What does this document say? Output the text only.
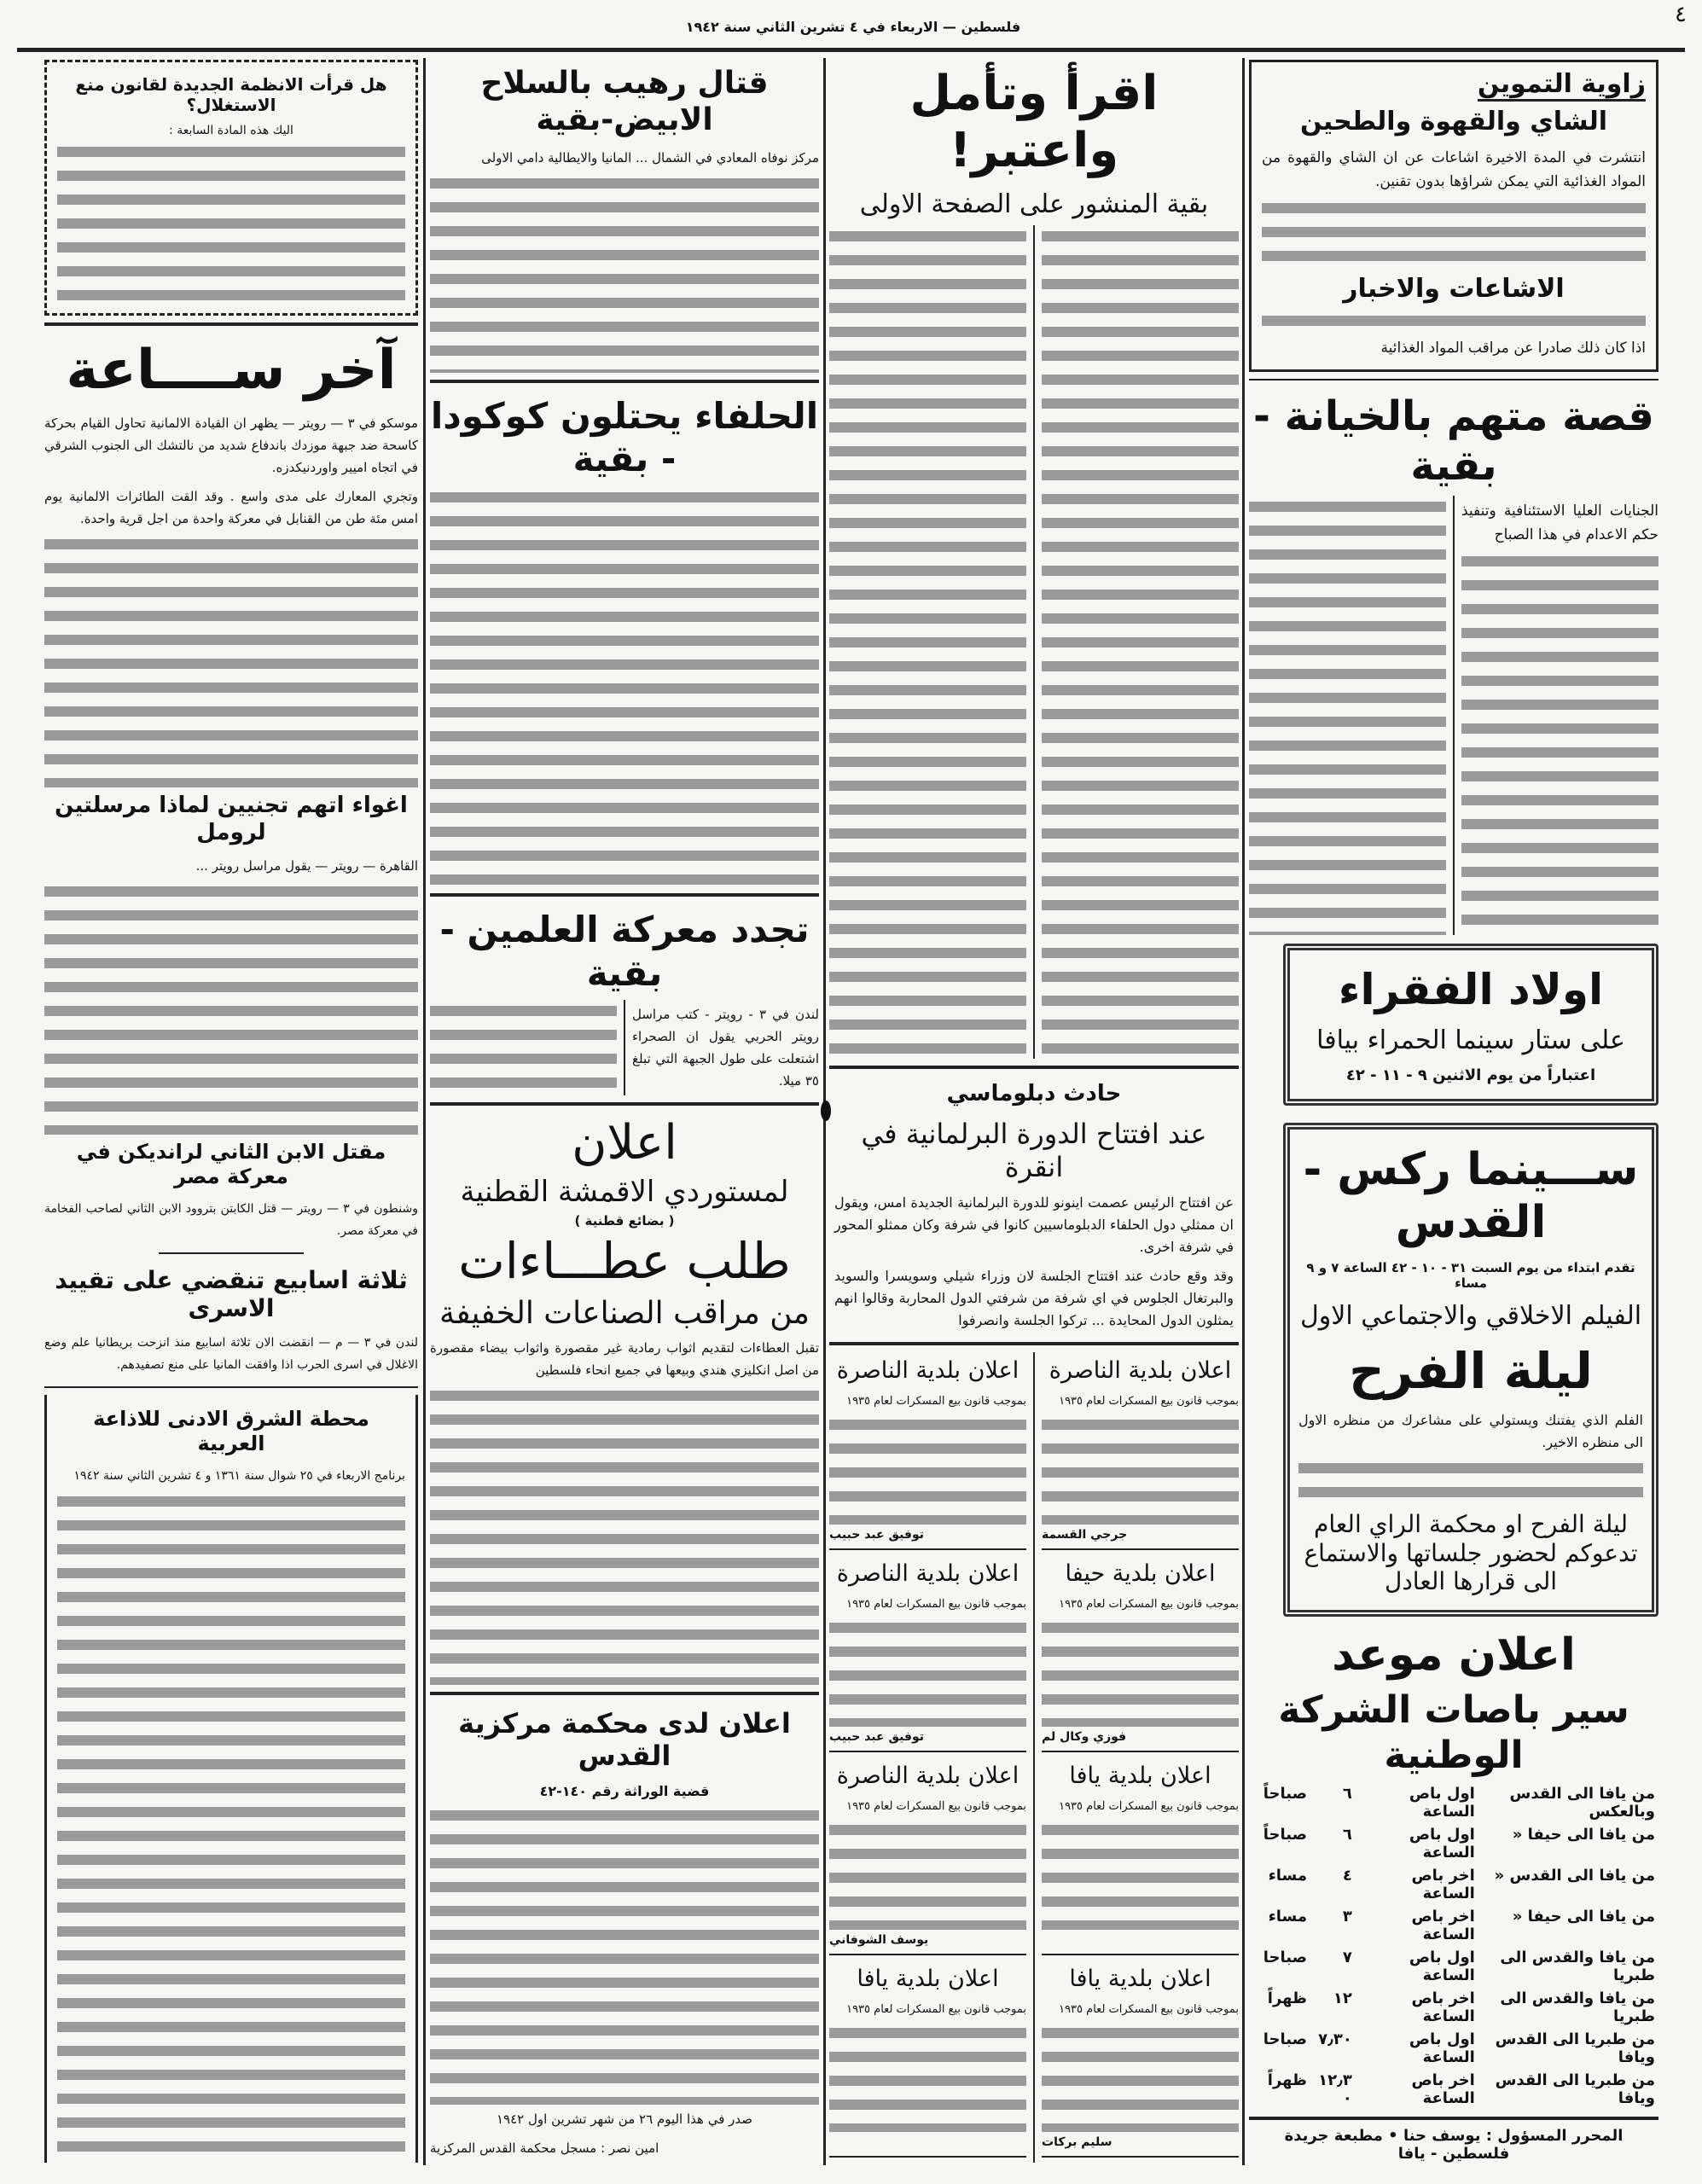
٤
فلسطين — الاربعاء في ٤ تشرين الثاني سنة ١٩٤٢
زاوية التموين
الشاي والقهوة والطحين
انتشرت في المدة الاخيرة اشاعات عن ان الشاي والقهوة من المواد الغذائية التي يمكن شراؤها بدون تقنين.
الاشاعات والاخبار
اذا كان ذلك صادرا عن مراقب المواد الغذائية
قصة متهم بالخيانة - بقية
الجنايات العليا الاستئنافية وتنفيذ حكم الاعدام في هذا الصباح
اولاد الفقراء
على ستار سينما الحمراء بيافا
اعتباراً من يوم الاثنين ٩ - ١١ - ٤٢
ســـينما ركس - القدس
تقدم ابتداء من يوم السبت ٣١ - ١٠ - ٤٢ الساعة ٧ و ٩ مساء
الفيلم الاخلاقي والاجتماعي الاول
ليلة الفرح
الفلم الذي يفتنك ويستولي على مشاعرك من منظره الاول الى منظره الاخير.
ليلة الفرح او محكمة الراي العام تدعوكم لحضور جلساتها والاستماع الى قرارها العادل
اعلان موعد
سير باصات الشركة الوطنية
من يافا الى القدس وبالعكس	اول باص الساعة	٦	صباحاً
من يافا الى حيفا «	اول باص الساعة	٦	صباحاً
من يافا الى القدس «	اخر باص الساعة	٤	مساء
من يافا الى حيفا «	اخر باص الساعة	٣	مساء
من يافا والقدس الى طبريا	اول باص الساعة	٧	صباحا
من يافا والقدس الى طبريا	اخر باص الساعة	١٢	ظهراً
من طبريا الى القدس ويافا	اول باص الساعة	٧٫٣٠	صباحا
من طبريا الى القدس ويافا	اخر باص الساعة	١٢٫٣٠	ظهراً
المحرر المسؤول : يوسف حنا • مطبعة جريدة فلسطين - يافا
اقرأ وتأمل واعتبر!
بقية المنشور على الصفحة الاولى
حادث دبلوماسي
عند افتتاح الدورة البرلمانية في انقرة
عن افتتاح الرئيس عصمت اينونو للدورة البرلمانية الجديدة امس، ويقول ان ممثلي دول الحلفاء الدبلوماسيين كانوا في شرفة وكان ممثلو المحور في شرفة اخرى.
وقد وقع حادث عند افتتاح الجلسة لان وزراء شيلي وسويسرا والسويد والبرتغال الجلوس في اي شرفة من شرفتي الدول المحاربة وقالوا انهم يمثلون الدول المحايدة ... تركوا الجلسة وانصرفوا
اعلان بلدية الناصرة
بموجب قانون بيع المسكرات لعام ١٩٣٥
جرجي القسمة
اعلان بلدية حيفا
بموجب قانون بيع المسكرات لعام ١٩٣٥
فوزي وكال لم
اعلان بلدية يافا
بموجب قانون بيع المسكرات لعام ١٩٣٥
اعلان بلدية يافا
بموجب قانون بيع المسكرات لعام ١٩٣٥
سليم بركات
اعلان بلدية الناصرة
بموجب قانون بيع المسكرات لعام ١٩٣٥
توفيق عبد حبيب
اعلان بلدية الناصرة
بموجب قانون بيع المسكرات لعام ١٩٣٥
توفيق عبد حبيب
اعلان بلدية الناصرة
بموجب قانون بيع المسكرات لعام ١٩٣٥
يوسف الشوفاني
اعلان بلدية يافا
بموجب قانون بيع المسكرات لعام ١٩٣٥
قتال رهيب بالسلاح الابيض-بقية
مركز نوفاه المعادي في الشمال ... المانيا والايطالية دامي الاولى
الحلفاء يحتلون كوكودا - بقية
تجدد معركة العلمين - بقية
لندن في ٣ - رويتر - كتب مراسل رويتر الحربي يقول ان الصحراء اشتعلت على طول الجبهة التي تبلغ ٣٥ ميلا.
اعلان
لمستوردي الاقمشة القطنية
( بضائع قطنية )
طلب عطـــاءات
من مراقب الصناعات الخفيفة
تقبل العطاءات لتقديم اثواب رمادية غير مقصورة واثواب بيضاء مقصورة من اصل انكليزي هندي وبيعها في جميع انحاء فلسطين
اعلان لدى محكمة مركزية القدس
قضية الوراثة رقم ١٤٠-٤٢
صدر في هذا اليوم ٢٦ من شهر تشرين اول ١٩٤٢
امين نصر : مسجل محكمة القدس المركزية
هل قرأت الانظمة الجديدة لقانون منع الاستغلال؟
اليك هذه المادة السابعة :
آخر ســــاعة
موسكو في ٣ — رويتر — يظهر ان القيادة الالمانية تحاول القيام بحركة كاسحة ضد جبهة موزدك باندفاع شديد من نالتشك الى الجنوب الشرقي في اتجاه اميير واوردنيكدزه.
وتجري المعارك على مدى واسع . وقد القت الطائرات الالمانية يوم امس مئة طن من القنابل في معركة واحدة من اجل قرية واحدة.
اغواء اتهم تجنيين لماذا مرسلتين لرومل
القاهرة — رويتر — يقول مراسل رويتر ...
مقتل الابن الثاني لرانديكن في معركة مصر
وشنطون في ٣ — رويتر — قتل الكابتن بتروود الابن الثاني لصاحب الفخامة في معركة مصر.
ثلاثة اسابيع تنقضي على تقييد الاسرى
لندن في ٣ — م — انقضت الان ثلاثة اسابيع منذ انزحت بريطانيا علم وضع الاغلال في اسرى الحرب اذا وافقت المانيا على منع تصفيدهم.
محطة الشرق الادنى للاذاعة العربية
برنامج الاربعاء في ٢٥ شوال سنة ١٣٦١ و ٤ تشرين الثاني سنة ١٩٤٢
